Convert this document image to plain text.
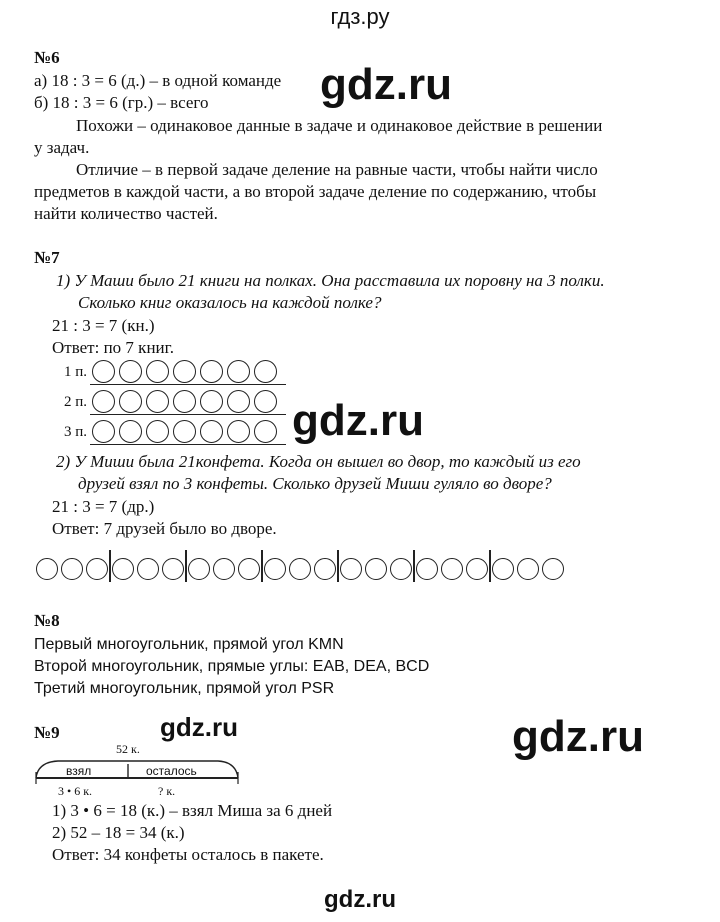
гдз.ру
№6
а) 18 : 3 = 6 (д.) – в одной команде
б) 18 : 3 = 6 (гр.) – всего
Похожи – одинаковое данные в задаче и одинаковое действие в решении
у задач.
Отличие – в первой задаче деление на равные части, чтобы найти число
предметов в каждой части, а во второй задаче деление по содержанию, чтобы
найти количество частей.
gdz.ru
№7
1) У Маши было 21 книги на полках. Она расставила их поровну на 3 полки.
Сколько книг оказалось на каждой полке?
21 : 3 = 7 (кн.)
Ответ: по 7 книг.
1 п.
2 п.
3 п.	gdz.ru
2) У Миши была 21конфета. Когда он вышел во двор, то каждый из его
друзей взял по 3 конфеты. Сколько друзей Миши гуляло во дворе?
21 : 3 = 7 (др.)
Ответ: 7 друзей было во дворе.
№8
Первый многоугольник, прямой угол KMN
Второй многоугольник, прямые углы: EAB, DEA, BCD
Третий многоугольник, прямой угол PSR
№9	gdz.ru	gdz.ru
52 к.
взял	осталось
3 • 6 к.	? к.
1) 3 • 6 = 18 (к.) – взял Миша за 6 дней
2) 52 – 18 = 34 (к.)
Ответ: 34 конфеты осталось в пакете.
gdz.ru
